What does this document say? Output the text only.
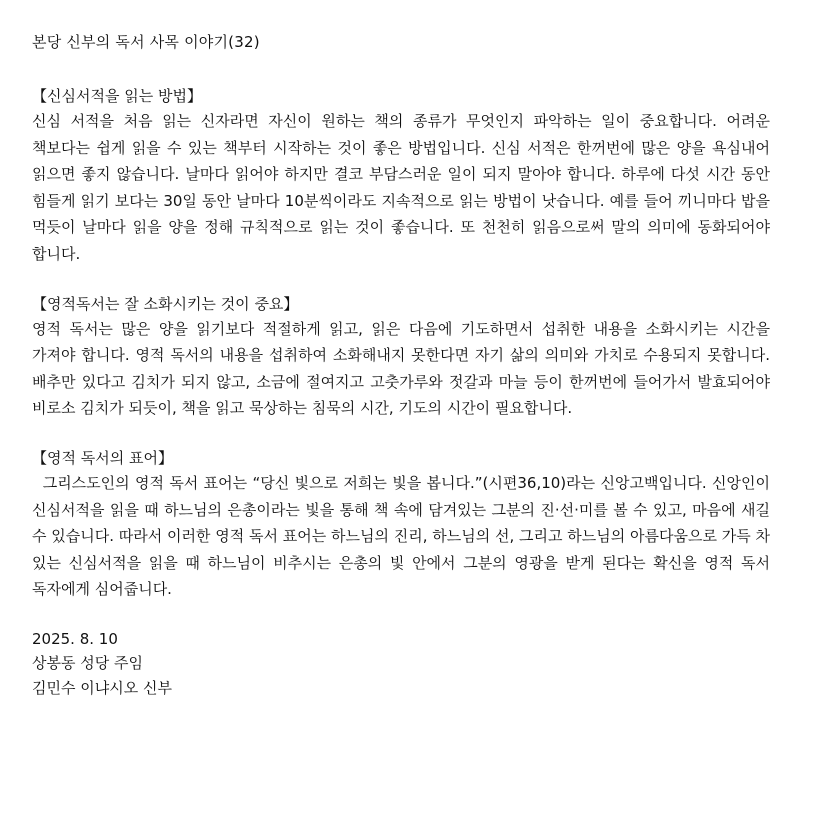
본당 신부의 독서 사목 이야기(32)
【신심서적을 읽는 방법】
신심 서적을 처음 읽는 신자라면 자신이 원하는 책의 종류가 무엇인지 파악하는 일이 중요합니다. 어려운 책보다는 쉽게 읽을 수 있는 책부터 시작하는 것이 좋은 방법입니다. 신심 서적은 한꺼번에 많은 양을 욕심내어 읽으면 좋지 않습니다. 날마다 읽어야 하지만 결코 부담스러운 일이 되지 말아야 합니다. 하루에 다섯 시간 동안 힘들게 읽기 보다는 30일 동안 날마다 10분씩이라도 지속적으로 읽는 방법이 낫습니다. 예를 들어 끼니마다 밥을 먹듯이 날마다 읽을 양을 정해 규칙적으로 읽는 것이 좋습니다. 또 천천히 읽음으로써 말의 의미에 동화되어야 합니다.
【영적독서는 잘 소화시키는 것이 중요】
영적 독서는 많은 양을 읽기보다 적절하게 읽고, 읽은 다음에 기도하면서 섭취한 내용을 소화시키는 시간을 가져야 합니다. 영적 독서의 내용을 섭취하여 소화해내지 못한다면 자기 삶의 의미와 가치로 수용되지 못합니다. 배추만 있다고 김치가 되지 않고, 소금에 절여지고 고춧가루와 젓갈과 마늘 등이 한꺼번에 들어가서 발효되어야 비로소 김치가 되듯이, 책을 읽고 묵상하는 침묵의 시간, 기도의 시간이 필요합니다.
【영적 독서의 표어】
그리스도인의 영적 독서 표어는 “당신 빛으로 저희는 빛을 봅니다.”(시편36,10)라는 신앙고백입니다. 신앙인이 신심서적을 읽을 때 하느님의 은총이라는 빛을 통해 책 속에 담겨있는 그분의 진·선·미를 볼 수 있고, 마음에 새길 수 있습니다. 따라서 이러한 영적 독서 표어는 하느님의 진리, 하느님의 선, 그리고 하느님의 아름다움으로 가득 차 있는 신심서적을 읽을 때 하느님이 비추시는 은총의 빛 안에서 그분의 영광을 받게 된다는 확신을 영적 독서 독자에게 심어줍니다.
2025. 8. 10
상봉동 성당 주임
김민수 이냐시오 신부
